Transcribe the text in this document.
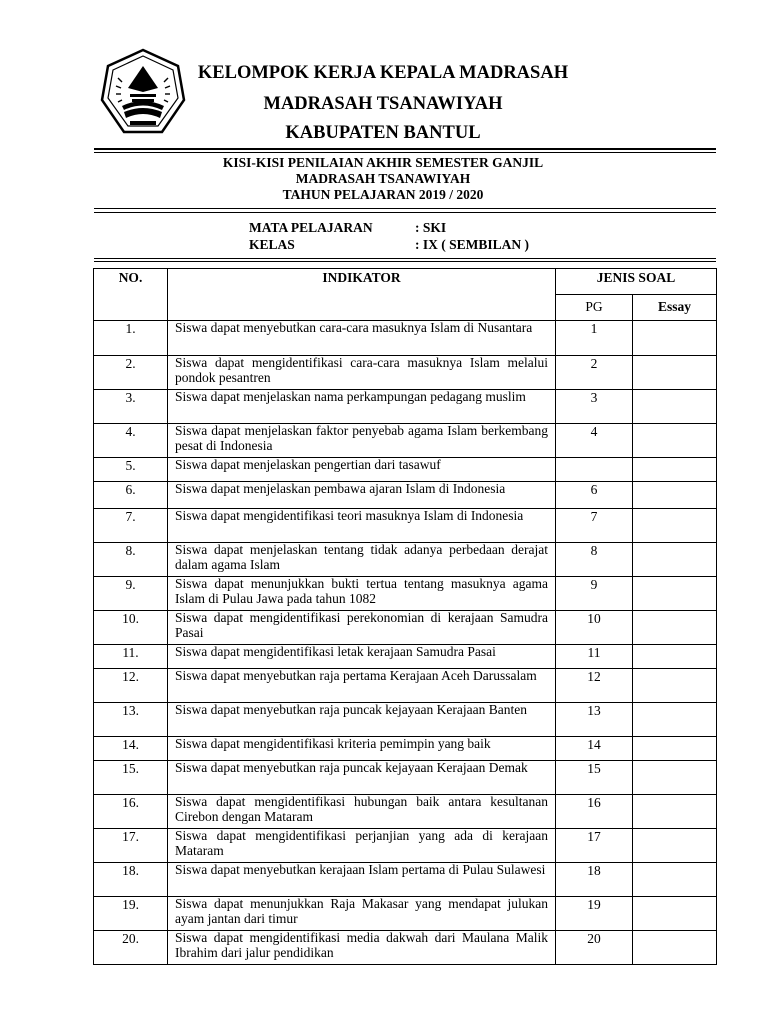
KELOMPOK KERJA KEPALA MADRASAH
MADRASAH TSANAWIYAH
KABUPATEN BANTUL
KISI-KISI PENILAIAN AKHIR SEMESTER GANJIL
MADRASAH TSANAWIYAH
TAHUN PELAJARAN 2019 / 2020
MATA PELAJARAN	: SKI
KELAS	: IX ( SEMBILAN )
NO.	INDIKATOR	JENIS SOAL	
		PG	Essay
1.	Siswa dapat menyebutkan cara-cara masuknya Islam di Nusantara	1	
2.	Siswa dapat mengidentifikasi cara-cara masuknya Islam melalui pondok pesantren	2	
3.	Siswa dapat menjelaskan nama perkampungan pedagang muslim	3	
4.	Siswa dapat menjelaskan faktor penyebab agama Islam berkembang pesat di Indonesia	4	
5.	Siswa dapat menjelaskan pengertian dari tasawuf		
6.	Siswa dapat menjelaskan pembawa ajaran Islam di Indonesia	6	
7.	Siswa dapat mengidentifikasi teori masuknya Islam di Indonesia	7	
8.	Siswa dapat menjelaskan tentang tidak adanya perbedaan derajat dalam agama Islam	8	
9.	Siswa dapat menunjukkan bukti tertua tentang masuknya agama Islam di Pulau Jawa pada tahun 1082	9	
10.	Siswa dapat mengidentifikasi perekonomian di kerajaan Samudra Pasai	10	
11.	Siswa dapat mengidentifikasi letak kerajaan Samudra Pasai	11	
12.	Siswa dapat menyebutkan raja pertama Kerajaan Aceh Darussalam	12	
13.	Siswa dapat menyebutkan raja puncak kejayaan Kerajaan Banten	13	
14.	Siswa dapat mengidentifikasi kriteria pemimpin yang baik	14	
15.	Siswa dapat menyebutkan raja puncak kejayaan Kerajaan Demak	15	
16.	Siswa dapat mengidentifikasi hubungan baik antara kesultanan Cirebon dengan Mataram	16	
17.	Siswa dapat mengidentifikasi perjanjian yang ada di kerajaan Mataram	17	
18.	Siswa dapat menyebutkan kerajaan Islam pertama di Pulau Sulawesi	18	
19.	Siswa dapat menunjukkan Raja Makasar yang mendapat julukan ayam jantan dari timur	19	
20.	Siswa dapat mengidentifikasi media dakwah dari Maulana Malik Ibrahim dari jalur pendidikan	20	
